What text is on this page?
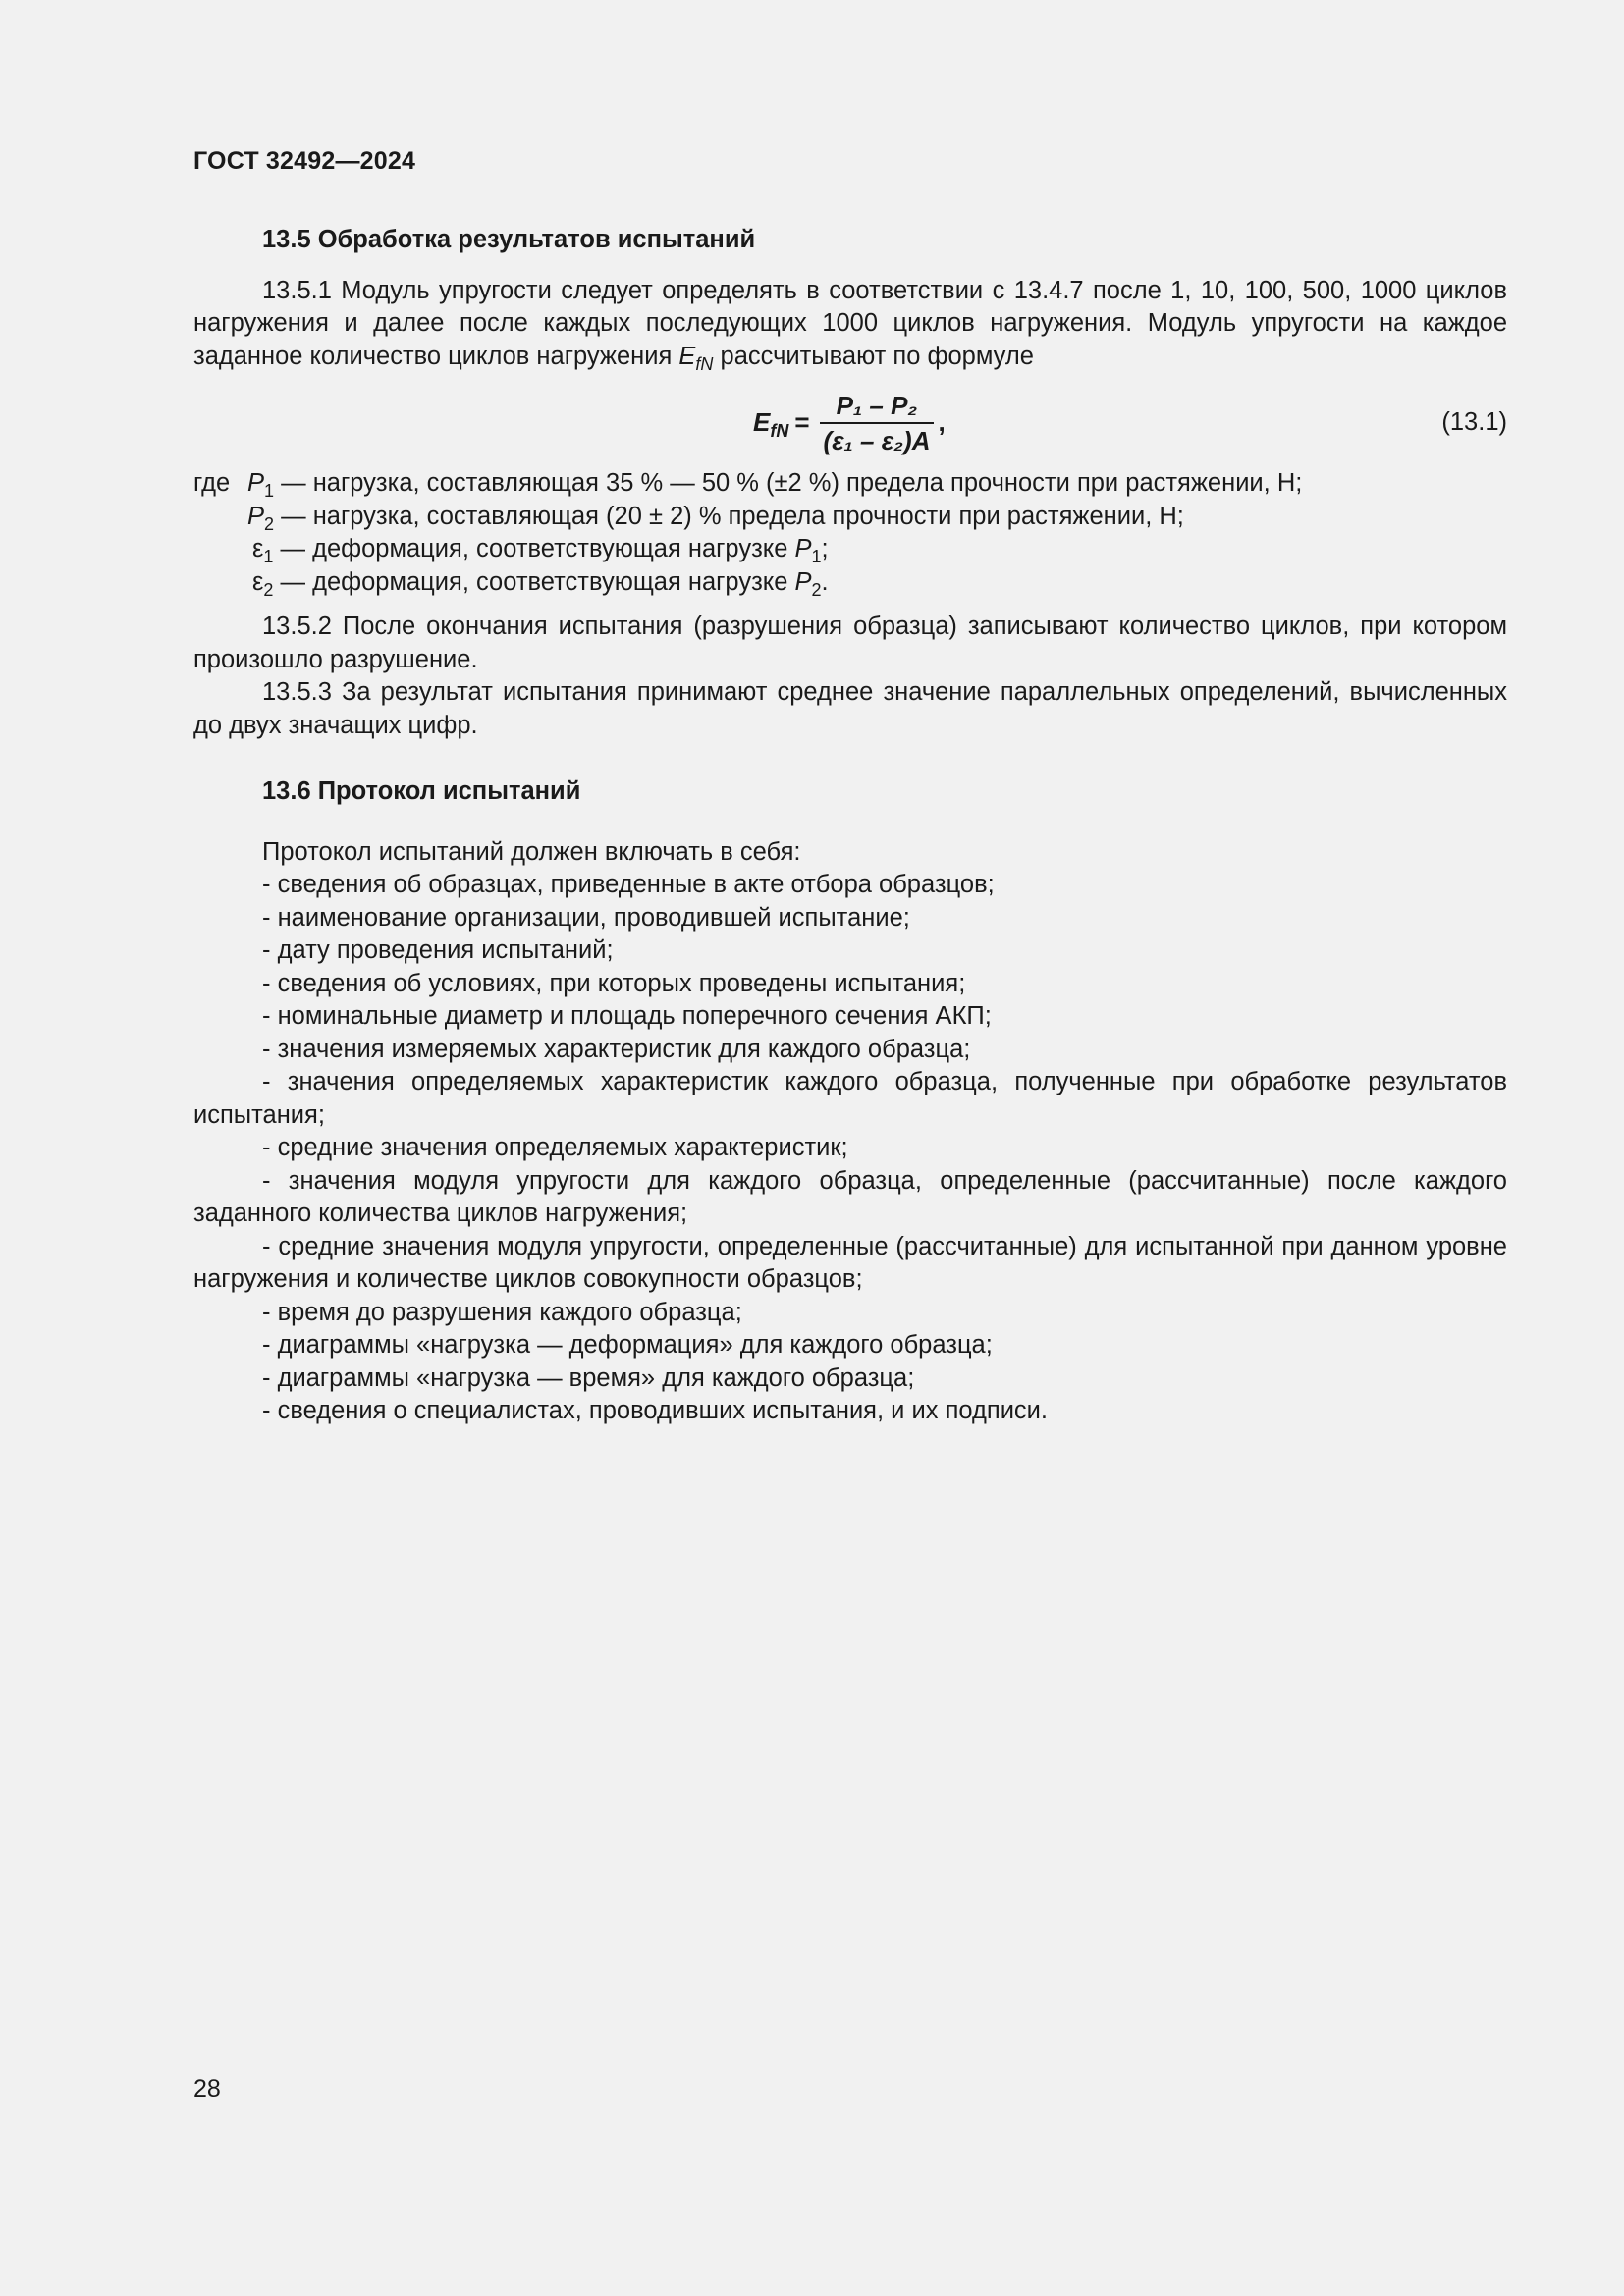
ГОСТ 32492—2024
13.5 Обработка результатов испытаний

13.5.1 Модуль упругости следует определять в соответствии с 13.4.7 после 1, 10, 100, 500, 1000 циклов нагружения и далее после каждых последующих 1000 циклов нагружения. Модуль упругости на каждое заданное количество циклов нагружения $E_{fN}$ рассчитывают по формуле

$E_{fN} = \frac{\text{P₁ – P₂}}{\text{(ε₁ – ε₂)A}}$ ,	(13.1)

где $P_1$ — нагрузка, составляющая 35 % — 50 % (±2 %) предела прочности при растяжении, Н;

$P_2$ — нагрузка, составляющая (20 ± 2) % предела прочности при растяжении, Н;

$\varepsilon_1$ — деформация, соответствующая нагрузке $P_1$;

$\varepsilon_2$ — деформация, соответствующая нагрузке $P_2$.

13.5.2 После окончания испытания (разрушения образца) записывают количество циклов, при котором произошло разрушение.

13.5.3 За результат испытания принимают среднее значение параллельных определений, вычисленных до двух значащих цифр.

13.6 Протокол испытаний

Протокол испытаний должен включать в себя:

- сведения об образцах, приведенные в акте отбора образцов;

- наименование организации, проводившей испытание;

- дату проведения испытаний;

- сведения об условиях, при которых проведены испытания;

- номинальные диаметр и площадь поперечного сечения АКП;

- значения измеряемых характеристик для каждого образца;

- значения определяемых характеристик каждого образца, полученные при обработке результатов испытания;

- средние значения определяемых характеристик;

- значения модуля упругости для каждого образца, определенные (рассчитанные) после каждого заданного количества циклов нагружения;

- средние значения модуля упругости, определенные (рассчитанные) для испытанной при данном уровне нагружения и количестве циклов совокупности образцов;

- время до разрушения каждого образца;

- диаграммы «нагрузка — деформация» для каждого образца;

- диаграммы «нагрузка — время» для каждого образца;

- сведения о специалистах, проводивших испытания, и их подписи.

28
